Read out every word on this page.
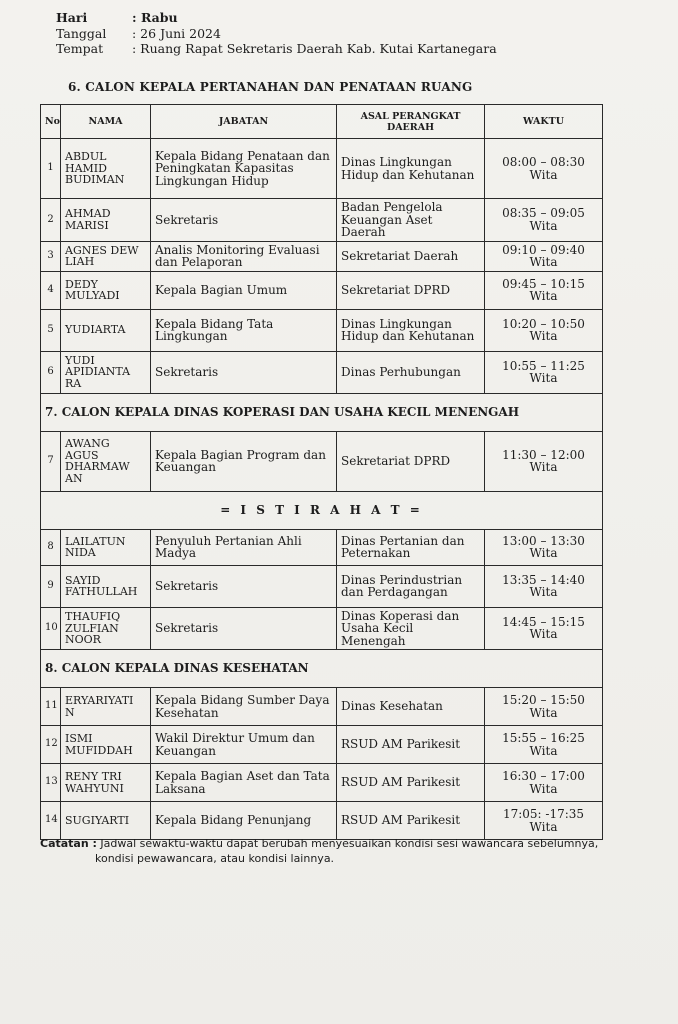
Hari	: Rabu
Tanggal	: 26 Juni 2024
Tempat	: Ruang Rapat Sekretaris Daerah Kab. Kutai Kartanegara
6. CALON KEPALA PERTANAHAN DAN PENATAAN RUANG
No	NAMA	JABATAN	ASAL PERANGKAT DAERAH	WAKTU
1	ABDUL HAMID BUDIMAN	Kepala Bidang Penataan dan Peningkatan Kapasitas Lingkungan Hidup	Dinas Lingkungan Hidup dan Kehutanan	08:00 – 08:30 Wita
2	AHMAD MARISI	Sekretaris	Badan Pengelola Keuangan Aset Daerah	08:35 – 09:05 Wita
3	AGNES DEW LIAH	Analis Monitoring Evaluasi dan Pelaporan	Sekretariat Daerah	09:10 – 09:40 Wita
4	DEDY MULYADI	Kepala Bagian Umum	Sekretariat DPRD	09:45 – 10:15 Wita
5	YUDIARTA	Kepala Bidang Tata Lingkungan	Dinas Lingkungan Hidup dan Kehutanan	10:20 – 10:50 Wita
6	YUDI APIDIANTA RA	Sekretaris	Dinas Perhubungan	10:55 – 11:25 Wita
7. CALON KEPALA DINAS KOPERASI DAN USAHA KECIL MENENGAH				
7	AWANG AGUS DHARMAW AN	Kepala Bagian Program dan Keuangan	Sekretariat DPRD	11:30 – 12:00 Wita
= I S T I R A H A T =				
8	LAILATUN NIDA	Penyuluh Pertanian Ahli Madya	Dinas Pertanian dan Peternakan	13:00 – 13:30 Wita
9	SAYID FATHULLAH	Sekretaris	Dinas Perindustrian dan Perdagangan	13:35 – 14:40 Wita
10	THAUFIQ ZULFIAN NOOR	Sekretaris	Dinas Koperasi dan Usaha Kecil Menengah	14:45 – 15:15 Wita
8. CALON KEPALA DINAS KESEHATAN				
11	ERYARIYATI N	Kepala Bidang Sumber Daya Kesehatan	Dinas Kesehatan	15:20 – 15:50 Wita
12	ISMI MUFIDDAH	Wakil Direktur Umum dan Keuangan	RSUD AM Parikesit	15:55 – 16:25 Wita
13	RENY TRI WAHYUNI	Kepala Bagian Aset dan Tata Laksana	RSUD AM Parikesit	16:30 – 17:00 Wita
14	SUGIYARTI	Kepala Bidang Penunjang	RSUD AM Parikesit	17:05: -17:35 Wita
Catatan : Jadwal sewaktu-waktu dapat berubah menyesuaikan kondisi sesi wawancara sebelumnya,
kondisi pewawancara, atau kondisi lainnya.
